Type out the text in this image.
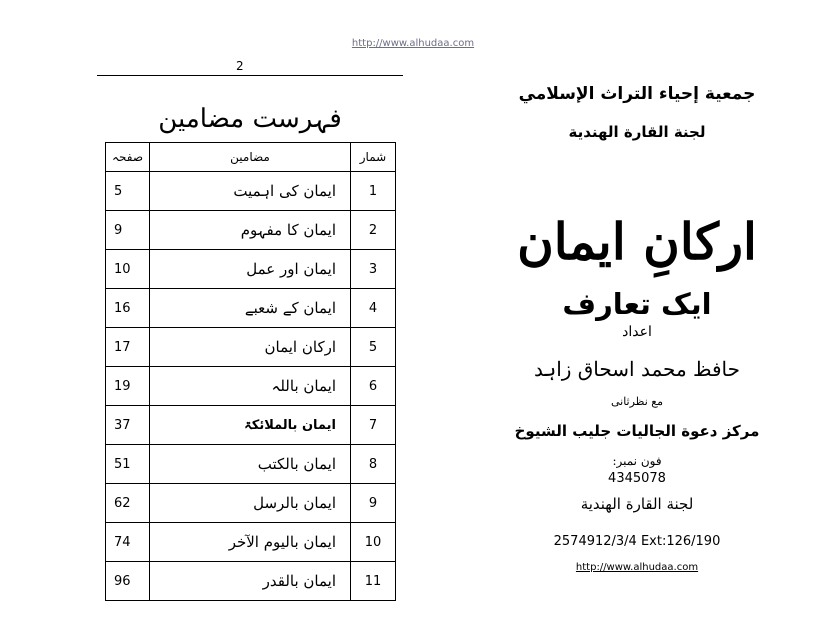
http://www.alhudaa.com
2
فہرست مضامین
صفحہ	مضامین	شمار
5	ایمان کی اہمیت	1
9	ایمان کا مفہوم	2
10	ایمان اور عمل	3
16	ایمان کے شعبے	4
17	ارکان ایمان	5
19	ایمان باللہ	6
37	ایمان بالملائکۃ	7
51	ایمان بالکتب	8
62	ایمان بالرسل	9
74	ایمان بالیوم الآخر	10
96	ایمان بالقدر	11
جمعية إحياء التراث الإسلامي
لجنة القارة الهندية
ارکانِ ایمان
ایک تعارف
اعداد
حافظ محمد اسحاق زاہد
مع نظرثانی
مركز دعوة الجاليات جليب الشيوخ
فون نمبر:
4345078
لجنة القارة الهندية
2574912/3/4 Ext:126/190
http://www.alhudaa.com
